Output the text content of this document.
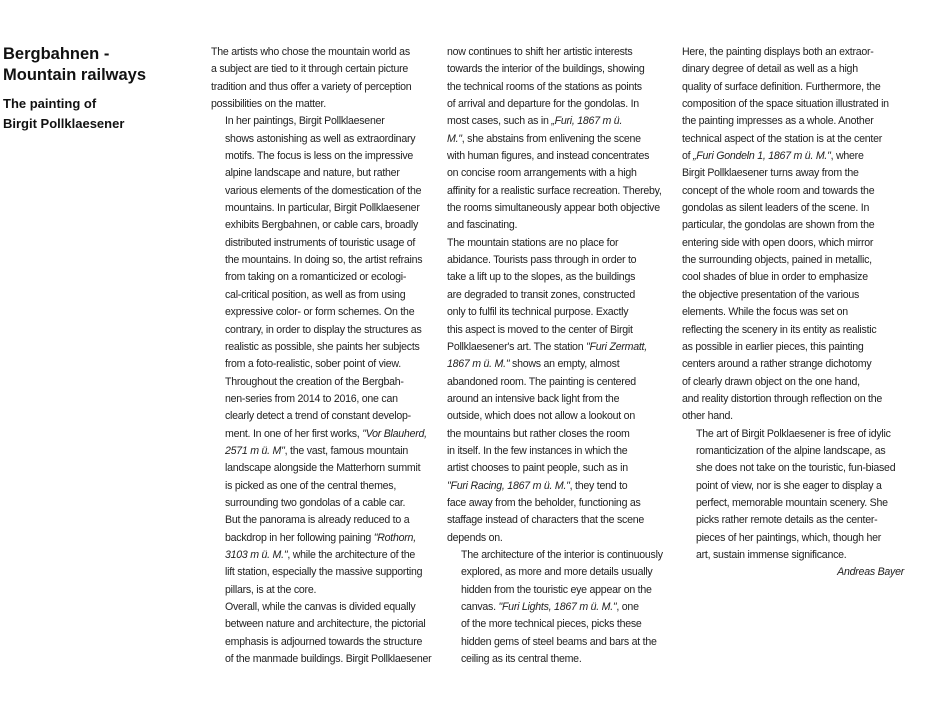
Bergbahnen -
Mountain railways
The painting of
Birgit Pollklaesener

The artists who chose the mountain world as
a subject are tied to it through certain picture
tradition and thus offer a variety of perception
possibilities on the matter.

In her paintings, Birgit Pollklaesener
shows astonishing as well as extraordinary
motifs. The focus is less on the impressive
alpine landscape and nature, but rather
various elements of the domestication of the
mountains. In particular, Birgit Pollklaesener
exhibits Bergbahnen, or cable cars, broadly
distributed instruments of touristic usage of
the mountains. In doing so, the artist refrains
from taking on a romanticized or ecologi-
cal-critical position, as well as from using
expressive color- or form schemes. On the
contrary, in order to display the structures as
realistic as possible, she paints her subjects
from a foto-realistic, sober point of view.
Throughout the creation of the Bergbah-
nen-series from 2014 to 2016, one can
clearly detect a trend of constant develop-
ment. In one of her first works, "Vor Blauherd,
2571 m ü. M", the vast, famous mountain
landscape alongside the Matterhorn summit
is picked as one of the central themes,
surrounding two gondolas of a cable car.
But the panorama is already reduced to a
backdrop in her following paining "Rothorn,
3103 m ü. M.", while the architecture of the
lift station, especially the massive supporting
pillars, is at the core.

Overall, while the canvas is divided equally
between nature and architecture, the pictorial
emphasis is adjourned towards the structure
of the manmade buildings. Birgit Pollklaesener

now continues to shift her artistic interests
towards the interior of the buildings, showing
the technical rooms of the stations as points
of arrival and departure for the gondolas. In
most cases, such as in „Furi, 1867 m ü.
M.", she abstains from enlivening the scene
with human figures, and instead concentrates
on concise room arrangements with a high
affinity for a realistic surface recreation. Thereby,
the rooms simultaneously appear both objective
and fascinating.

The mountain stations are no place for
abidance. Tourists pass through in order to
take a lift up to the slopes, as the buildings
are degraded to transit zones, constructed
only to fulfil its technical purpose. Exactly
this aspect is moved to the center of Birgit
Pollklaesener's art. The station "Furi Zermatt,
1867 m ü. M." shows an empty, almost
abandoned room. The painting is centered
around an intensive back light from the
outside, which does not allow a lookout on
the mountains but rather closes the room
in itself. In the few instances in which the
artist chooses to paint people, such as in
"Furi Racing, 1867 m ü. M.", they tend to
face away from the beholder, functioning as
staffage instead of characters that the scene
depends on.

The architecture of the interior is continuously
explored, as more and more details usually
hidden from the touristic eye appear on the
canvas. "Furi Lights, 1867 m ü. M.", one
of the more technical pieces, picks these
hidden gems of steel beams and bars at the
ceiling as its central theme.

Here, the painting displays both an extraor-
dinary degree of detail as well as a high
quality of surface definition. Furthermore, the
composition of the space situation illustrated in
the painting impresses as a whole. Another
technical aspect of the station is at the center
of „Furi Gondeln 1, 1867 m ü. M.", where
Birgit Pollklaesener turns away from the
concept of the whole room and towards the
gondolas as silent leaders of the scene. In
particular, the gondolas are shown from the
entering side with open doors, which mirror
the surrounding objects, pained in metallic,
cool shades of blue in order to emphasize
the objective presentation of the various
elements. While the focus was set on
reflecting the scenery in its entity as realistic
as possible in earlier pieces, this painting
centers around a rather strange dichotomy
of clearly drawn object on the one hand,
and reality distortion through reflection on the
other hand.

The art of Birgit Polklaesener is free of idylic
romanticization of the alpine landscape, as
she does not take on the touristic, fun-biased
point of view, nor is she eager to display a
perfect, memorable mountain scenery. She
picks rather remote details as the center-
pieces of her paintings, which, though her
art, sustain immense significance.

Andreas Bayer
